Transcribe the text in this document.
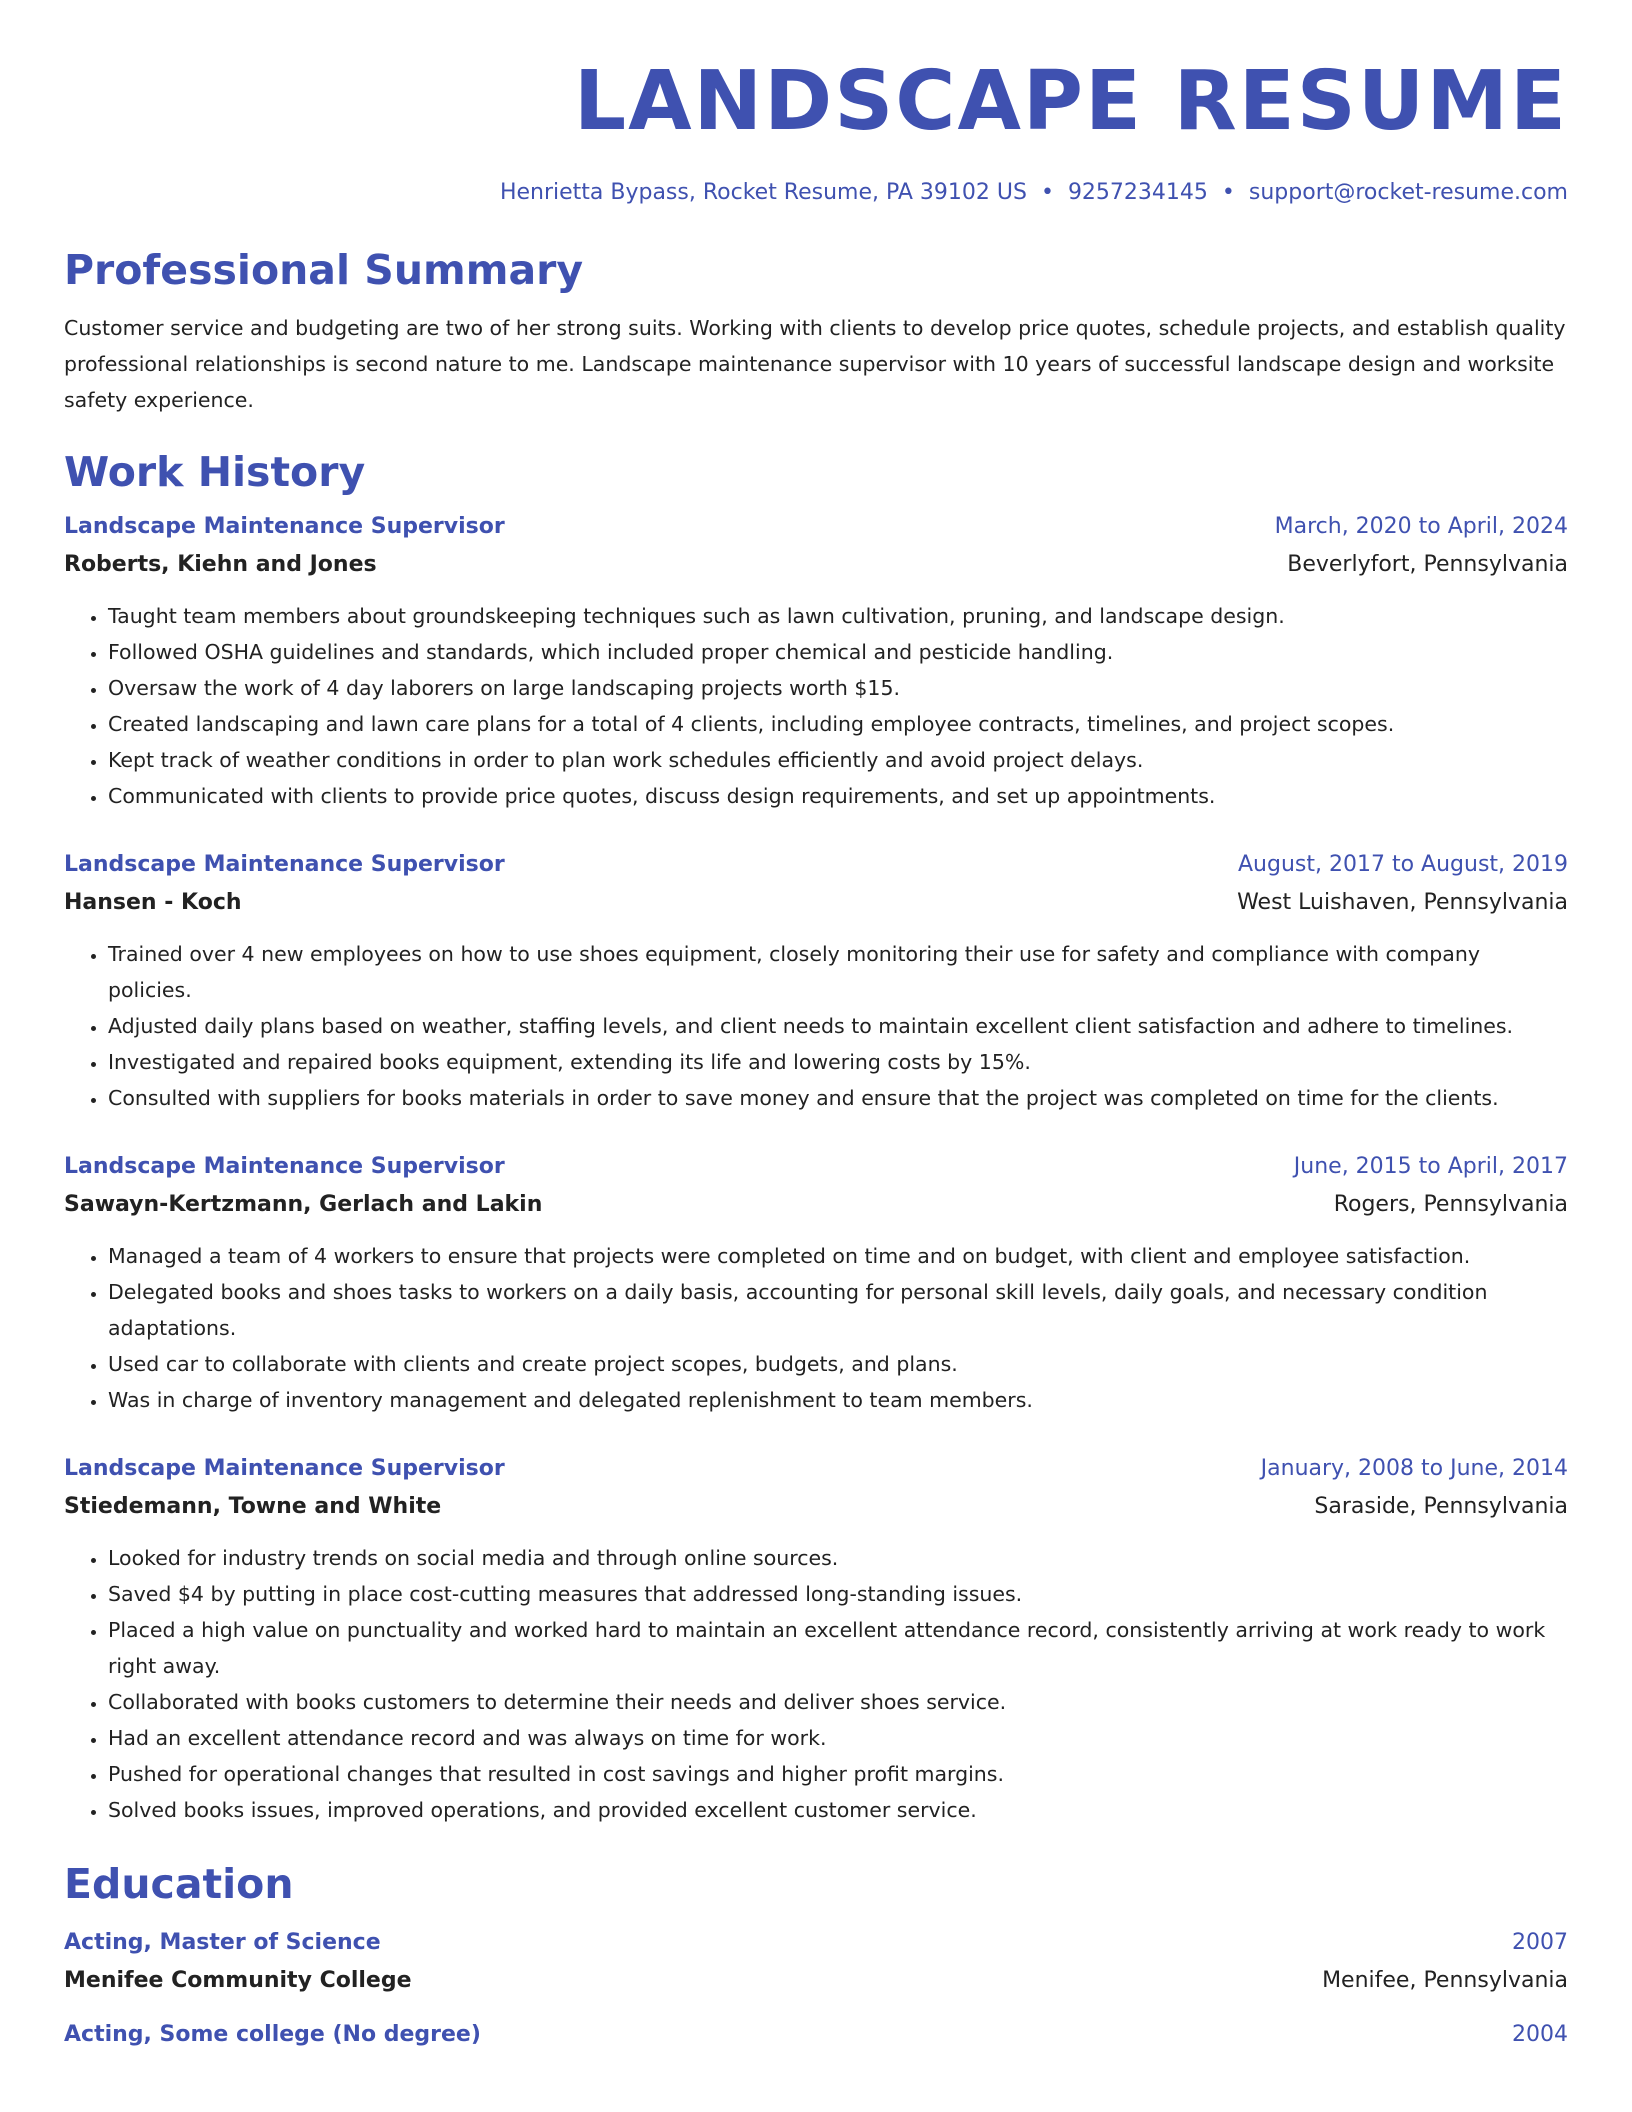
LANDSCAPE RESUME
Henrietta Bypass, Rocket Resume, PA 39102 US • 9257234145 • support@rocket-resume.com
Professional Summary

Customer service and budgeting are two of her strong suits. Working with clients to develop price quotes, schedule projects, and establish quality professional relationships is second nature to me. Landscape maintenance supervisor with 10 years of successful landscape design and worksite safety experience.

Work History
Landscape Maintenance Supervisor	March, 2020 to April, 2024
Roberts, Kiehn and Jones	Beverlyfort, Pennsylvania
• Taught team members about groundskeeping techniques such as lawn cultivation, pruning, and landscape design.
• Followed OSHA guidelines and standards, which included proper chemical and pesticide handling.
• Oversaw the work of 4 day laborers on large landscaping projects worth $15.
• Created landscaping and lawn care plans for a total of 4 clients, including employee contracts, timelines, and project scopes.
• Kept track of weather conditions in order to plan work schedules efficiently and avoid project delays.
• Communicated with clients to provide price quotes, discuss design requirements, and set up appointments.
Landscape Maintenance Supervisor	August, 2017 to August, 2019
Hansen - Koch	West Luishaven, Pennsylvania
• Trained over 4 new employees on how to use shoes equipment, closely monitoring their use for safety and compliance with company policies.
• Adjusted daily plans based on weather, staffing levels, and client needs to maintain excellent client satisfaction and adhere to timelines.
• Investigated and repaired books equipment, extending its life and lowering costs by 15%.
• Consulted with suppliers for books materials in order to save money and ensure that the project was completed on time for the clients.
Landscape Maintenance Supervisor	June, 2015 to April, 2017
Sawayn-Kertzmann, Gerlach and Lakin	Rogers, Pennsylvania
• Managed a team of 4 workers to ensure that projects were completed on time and on budget, with client and employee satisfaction.
• Delegated books and shoes tasks to workers on a daily basis, accounting for personal skill levels, daily goals, and necessary condition adaptations.
• Used car to collaborate with clients and create project scopes, budgets, and plans.
• Was in charge of inventory management and delegated replenishment to team members.
Landscape Maintenance Supervisor	January, 2008 to June, 2014
Stiedemann, Towne and White	Saraside, Pennsylvania
• Looked for industry trends on social media and through online sources.
• Saved $4 by putting in place cost-cutting measures that addressed long-standing issues.
• Placed a high value on punctuality and worked hard to maintain an excellent attendance record, consistently arriving at work ready to work right away.
• Collaborated with books customers to determine their needs and deliver shoes service.
• Had an excellent attendance record and was always on time for work.
• Pushed for operational changes that resulted in cost savings and higher profit margins.
• Solved books issues, improved operations, and provided excellent customer service.
Education
Acting, Master of Science	2007
Menifee Community College	Menifee, Pennsylvania
Acting, Some college (No degree)	2004
